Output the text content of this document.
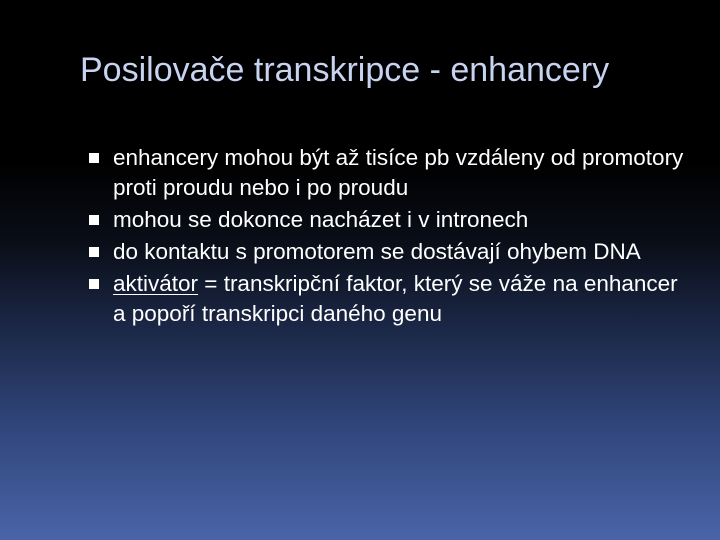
Posilovače transkripce - enhancery
enhancery mohou být až tisíce pb vzdáleny od promotory proti proudu nebo i po proudu
mohou se dokonce nacházet i v intronech
do kontaktu s promotorem se dostávají ohybem DNA
aktivátor = transkripční faktor, který se váže na enhancer a popoří transkripci daného genu
